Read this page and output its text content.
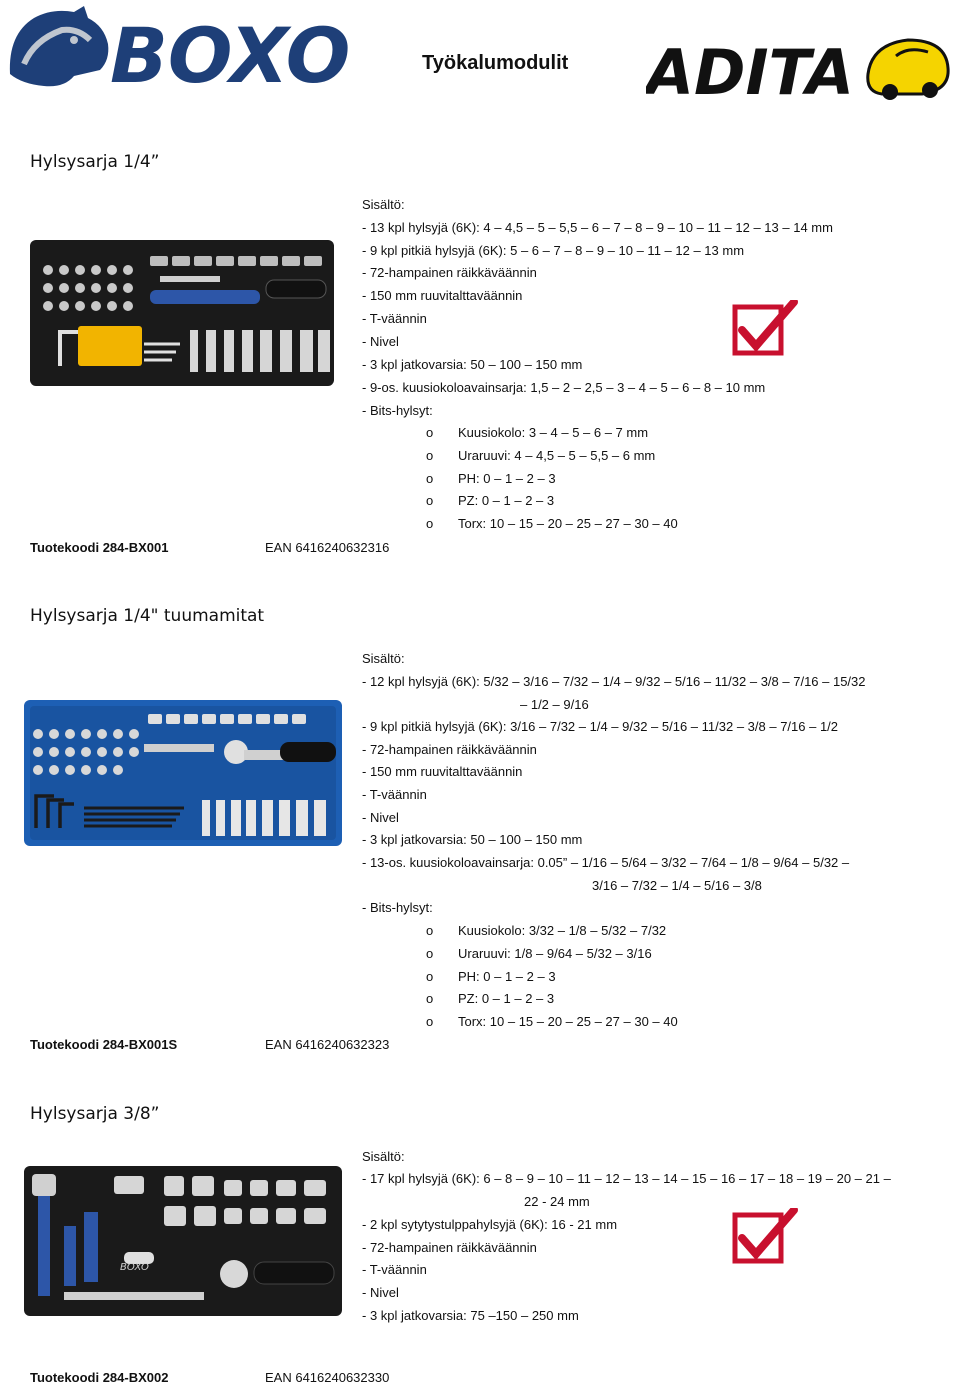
BOXO	Työkalumodulit ADITA
Hylsysarja 1/4”
Sisältö:
- 13 kpl hylsyjä (6K): 4 – 4,5 – 5 – 5,5 – 6 – 7 – 8 – 9 – 10 – 11 – 12 – 13 – 14 mm
- 9 kpl pitkiä hylsyjä (6K): 5 – 6 – 7 – 8 – 9 – 10 – 11 – 12 – 13 mm
- 72-hampainen räikkäväännin
- 150 mm ruuvitalttaväännin
- T-väännin
- Nivel
- 3 kpl jatkovarsia: 50 – 100 – 150 mm
- 9-os. kuusiokoloavainsarja: 1,5 – 2 – 2,5 – 3 – 4 – 5 – 6 – 8 – 10 mm
- Bits-hylsyt:
o Kuusiokolo: 3 – 4 – 5 – 6 – 7 mm
o Uraruuvi: 4 – 4,5 – 5 – 5,5 – 6 mm
o PH: 0 – 1 – 2 – 3
o PZ: 0 – 1 – 2 – 3
o Torx: 10 – 15 – 20 – 25 – 27 – 30 – 40
Tuotekoodi 284-BX001	EAN 6416240632316
Hylsysarja 1/4" tuumamitat
Sisältö:
- 12 kpl hylsyjä (6K): 5/32 – 3/16 – 7/32 – 1/4 – 9/32 – 5/16 – 11/32 – 3/8 – 7/16 – 15/32
– 1/2 – 9/16
- 9 kpl pitkiä hylsyjä (6K): 3/16 – 7/32 – 1/4 – 9/32 – 5/16 – 11/32 – 3/8 – 7/16 – 1/2
- 72-hampainen räikkäväännin
- 150 mm ruuvitalttaväännin
- T-väännin
- Nivel
- 3 kpl jatkovarsia: 50 – 100 – 150 mm
- 13-os. kuusiokoloavainsarja: 0.05” – 1/16 – 5/64 – 3/32 – 7/64 – 1/8 – 9/64 – 5/32 –
3/16 – 7/32 – 1/4 – 5/16 – 3/8
- Bits-hylsyt:
o Kuusiokolo: 3/32 – 1/8 – 5/32 – 7/32
o Uraruuvi: 1/8 – 9/64 – 5/32 – 3/16
o PH: 0 – 1 – 2 – 3
o PZ: 0 – 1 – 2 – 3
o Torx: 10 – 15 – 20 – 25 – 27 – 30 – 40
Tuotekoodi 284-BX001S	EAN 6416240632323
Hylsysarja 3/8”
BOXO
Sisältö:
- 17 kpl hylsyjä (6K): 6 – 8 – 9 – 10 – 11 – 12 – 13 – 14 – 15 – 16 – 17 – 18 – 19 – 20 – 21 –
22 - 24 mm
- 2 kpl sytytystulppahylsyjä (6K): 16 - 21 mm
- 72-hampainen räikkäväännin
- T-väännin
- Nivel
- 3 kpl jatkovarsia: 75 –150 – 250 mm
Tuotekoodi 284-BX002	EAN 6416240632330
